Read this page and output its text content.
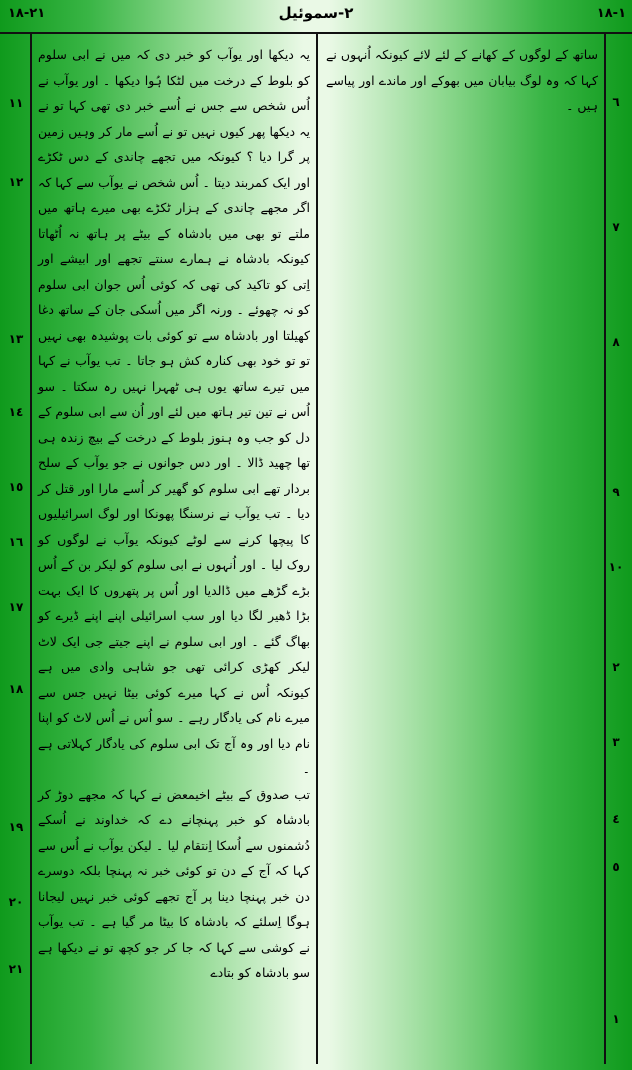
١-١٨
٢-سموئیل
٢١-١٨

ساتھ کے لوگوں کے کھانے کے لئے لائے کیونکہ اُنہوں نے کہا کہ وہ لوگ بیابان میں بھوکے اور ماندے اور پیاسے ہیں ۔

یہ دیکھا اور یوآب کو خبر دی کہ میں نے ابی سلوم کو بلوط کے درخت میں لٹکا ہُوا دیکھا ۔ اور یوآب نے اُس شخص سے جس نے اُسے خبر دی تھی کہا تو نے یہ دیکھا پھر کیوں نہیں تو نے اُسے مار کر وہیں زمین پر گرا دیا ؟ کیونکہ میں تجھے چاندی کے دس ٹکڑے اور ایک کمربند دیتا ۔ اُس شخص نے یوآب سے کہا کہ اگر مجھے چاندی کے ہزار ٹکڑے بھی میرے ہاتھ میں ملتے تو بھی میں بادشاہ کے بیٹے پر ہاتھ نہ اُٹھاتا کیونکہ بادشاہ نے ہمارے سنتے تجھے اور ابیشے اور اِتی کو تاکید کی تھی کہ کوئی اُس جوان ابی سلوم کو نہ چھوئے ۔ ورنہ اگر میں اُسکی جان کے ساتھ دغا کھیلتا اور بادشاہ سے تو کوئی بات پوشیدہ بھی نہیں تو تو خود بھی کنارہ کش ہو جاتا ۔ تب یوآب نے کہا میں تیرے ساتھ یوں ہی ٹھہرا نہیں رہ سکتا ۔ سو اُس نے تین تیر ہاتھ میں لئے اور اُن سے ابی سلوم کے دل کو جب وہ ہنوز بلوط کے درخت کے بیچ زندہ ہی تھا چھید ڈالا ۔ اور دس جوانوں نے جو یوآب کے سلح بردار تھے ابی سلوم کو گھیر کر اُسے مارا اور قتل کر دیا ۔ تب یوآب نے نرسنگا پھونکا اور لوگ اسرائیلیوں کا پیچھا کرنے سے لوٹے کیونکہ یوآب نے لوگوں کو روک لیا ۔ اور اُنہوں نے ابی سلوم کو لیکر بن کے اُس بڑے گڑھے میں ڈالدیا اور اُس پر پتھروں کا ایک بہت بڑا ڈھیر لگا دیا اور سب اسرائیلی اپنے اپنے ڈیرے کو بھاگ گئے ۔ اور ابی سلوم نے اپنے جیتے جی ایک لاٹ لیکر کھڑی کرائی تھی جو شاہی وادی میں ہے کیونکہ اُس نے کہا میرے کوئی بیٹا نہیں جس سے میرے نام کی یادگار رہے ۔ سو اُس نے اُس لاٹ کو اپنا نام دیا اور وہ آج تک ابی سلوم کی یادگار کہلاتی ہے ۔

تب صدوق کے بیٹے اخیمعض نے کہا کہ مجھے دوڑ کر بادشاہ کو خبر پہنچانے دے کہ خداوند نے اُسکے دُشمنوں سے اُسکا اِنتقام لیا ۔ لیکن یوآب نے اُس سے کہا کہ آج کے دن تو کوئی خبر نہ پہنچا بلکہ دوسرے دن خبر پہنچا دینا پر آج تجھے کوئی خبر نہیں لیجانا ہوگا اِسلئے کہ بادشاہ کا بیٹا مر گیا ہے ۔ تب یوآب نے کوشی سے کہا کہ جا کر جو کچھ تو نے دیکھا ہے سو بادشاہ کو بتادے

٦
٧
٨
٩
١٠
٢
٣
٤
٥
١
١١
١٢
١٣
١٤
١٥
١٦
١٧
١٨
١٩
٢٠
٢١
